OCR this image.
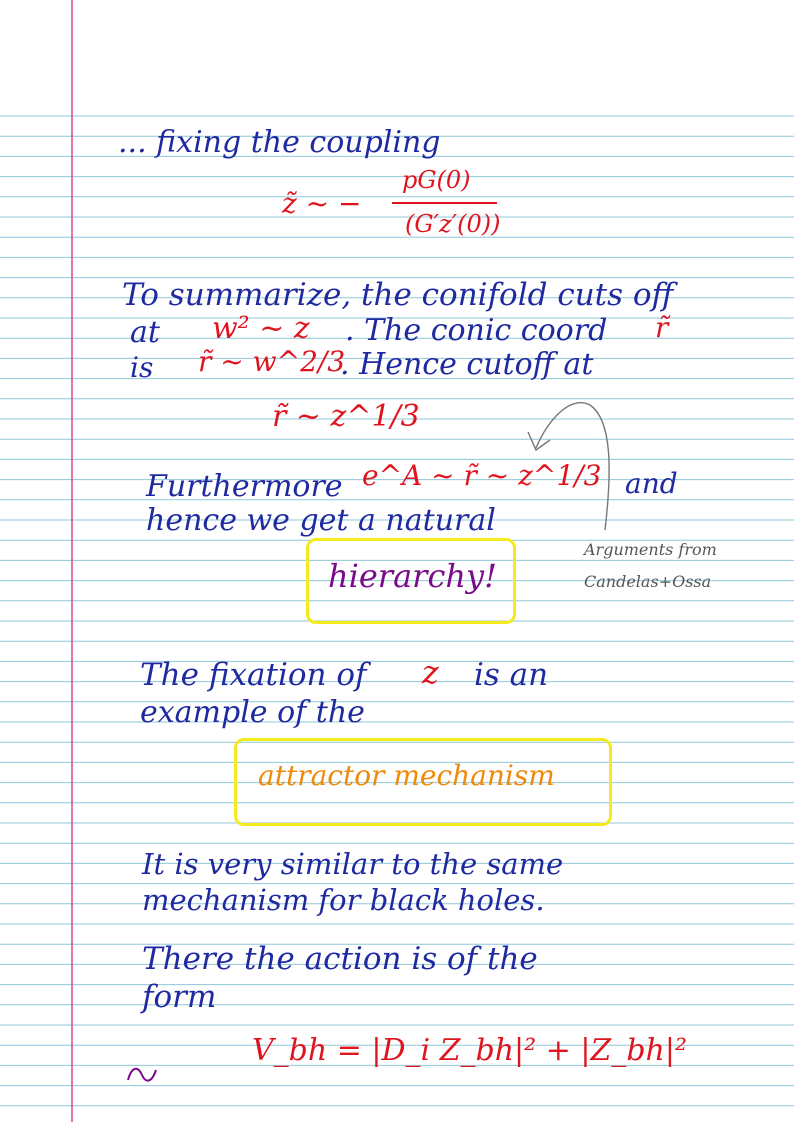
... fixing the coupling
z̃ ~ −
pG(0)
(G′z′(0))
To summarize, the conifold cuts off
at w² ~ z . The conic coord r̃
is r̃ ~ w^2/3
. Hence cutoff at
r̃ ~ z^1/3
Furthermore e^A ~ r̃ ~ z^1/3 and
hence we get a natural
hierarchy!
Arguments from
Candelas+Ossa
The fixation of z is an
example of the
attractor mechanism
It is very similar to the same
mechanism for black holes.
There the action is of the
form
V_bh = |D_i Z_bh|² + |Z_bh|²
